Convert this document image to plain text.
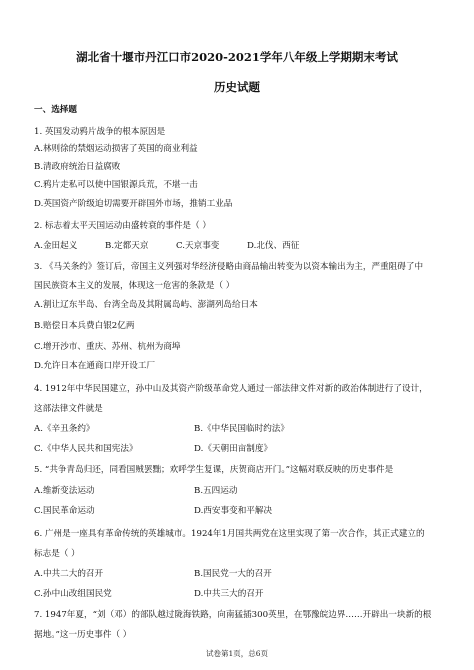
湖北省十堰市丹江口市2020-2021学年八年级上学期期末考试
历史试题
一、选择题
1. 英国发动鸦片战争的根本原因是
A.林则徐的禁烟运动损害了英国的商业利益
B.清政府统治日益腐败
C.鸦片走私可以使中国银源兵荒，不堪一击
D.英国资产阶级迫切需要开辟国外市场，推销工业品
2. 标志着太平天国运动由盛转衰的事件是（ ）
A.金田起义	B.定都天京	C.天京事变	D.北伐、西征
3. 《马关条约》签订后，帝国主义列强对华经济侵略由商品输出转变为以资本输出为主，严重阻碍了中
国民族资本主义的发展，体现这一危害的条款是（ ）
A.割让辽东半岛、台湾全岛及其附属岛屿、澎湖列岛给日本
B.赔偿日本兵费白银2亿两
C.增开沙市、重庆、苏州、杭州为商埠
D.允许日本在通商口岸开设工厂
4. 1912年中华民国建立，孙中山及其资产阶级革命党人通过一部法律文件对新的政治体制进行了设计，
这部法律文件就是
A.《辛丑条约》	B.《中华民国临时约法》
C.《中华人民共和国宪法》	D.《天朝田亩制度》
5. “共争青岛归还，同看国贼罢黜；欢呼学生复课，庆贺商店开门。”这幅对联反映的历史事件是
A.维新变法运动	B.五四运动
C.国民革命运动	D.西安事变和平解决
6. 广州是一座具有革命传统的英雄城市。1924年1月国共两党在这里实现了第一次合作，其正式建立的
标志是（ ）
A.中共二大的召开	B.国民党一大的召开
C.孙中山改组国民党	D.中共三大的召开
7. 1947年夏，“刘（邓）的部队越过陇海铁路，向南猛插300英里，在鄂豫皖边界……开辟出一块新的根
据地。”这一历史事件（ ）
试卷第1页，总6页
